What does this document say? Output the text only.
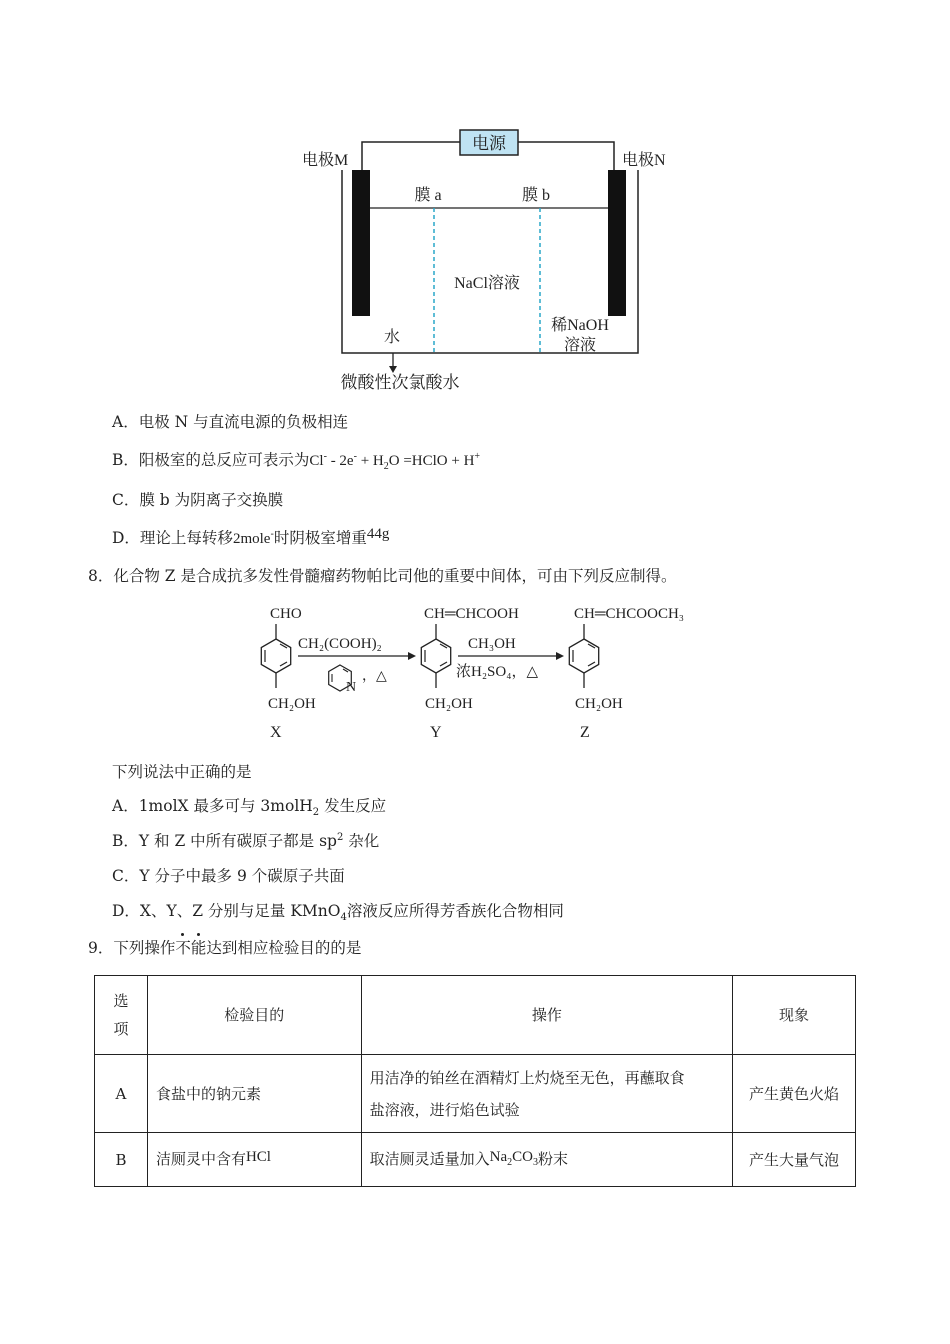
电源
电极M	电极N
膜 a	膜 b
NaCl溶液
水
稀NaOH
溶液
微酸性次氯酸水
A．电极 N 与直流电源的负极相连
B．阳极室的总反应可表示为$Cl^- - 2e^- + H_2O$ =HClO + H+
C．膜 b 为阴离子交换膜
D．理论上每转移2mole-时阴极室增重44g
8．化合物 Z 是合成抗多发性骨髓瘤药物帕比司他的重要中间体，可由下列反应制得。
CHO
CH₂OH
X
CH₂(COOH)₂
N
，△
CH═CHCOOH
CH₂OH
Y
CH₃OH
浓H₂SO₄，△
CH═CHCOOCH₃
CH₂OH
Z
下列说法中正确的是
A．1molX 最多可与 3molH$_2$ 发生反应
B．Y 和 Z 中所有碳原子都是 $sp^2$ 杂化
C．Y 分子中最多 9 个碳原子共面
D．X、Y、Z 分别与足量 KMnO$_4$溶液反应所得芳香族化合物相同
9．下列操作不能
达到相应检验目的的是
选
项	检验目的	操作	现象
A	食盐中的钠元素	用洁净的铂丝在酒精灯上灼烧至无色，再蘸取食
盐溶液，进行焰色试验	产生黄色火焰
B	洁厕灵中含有HCl	取洁厕灵适量加入$Na_2CO_3$粉末	产生大量气泡
